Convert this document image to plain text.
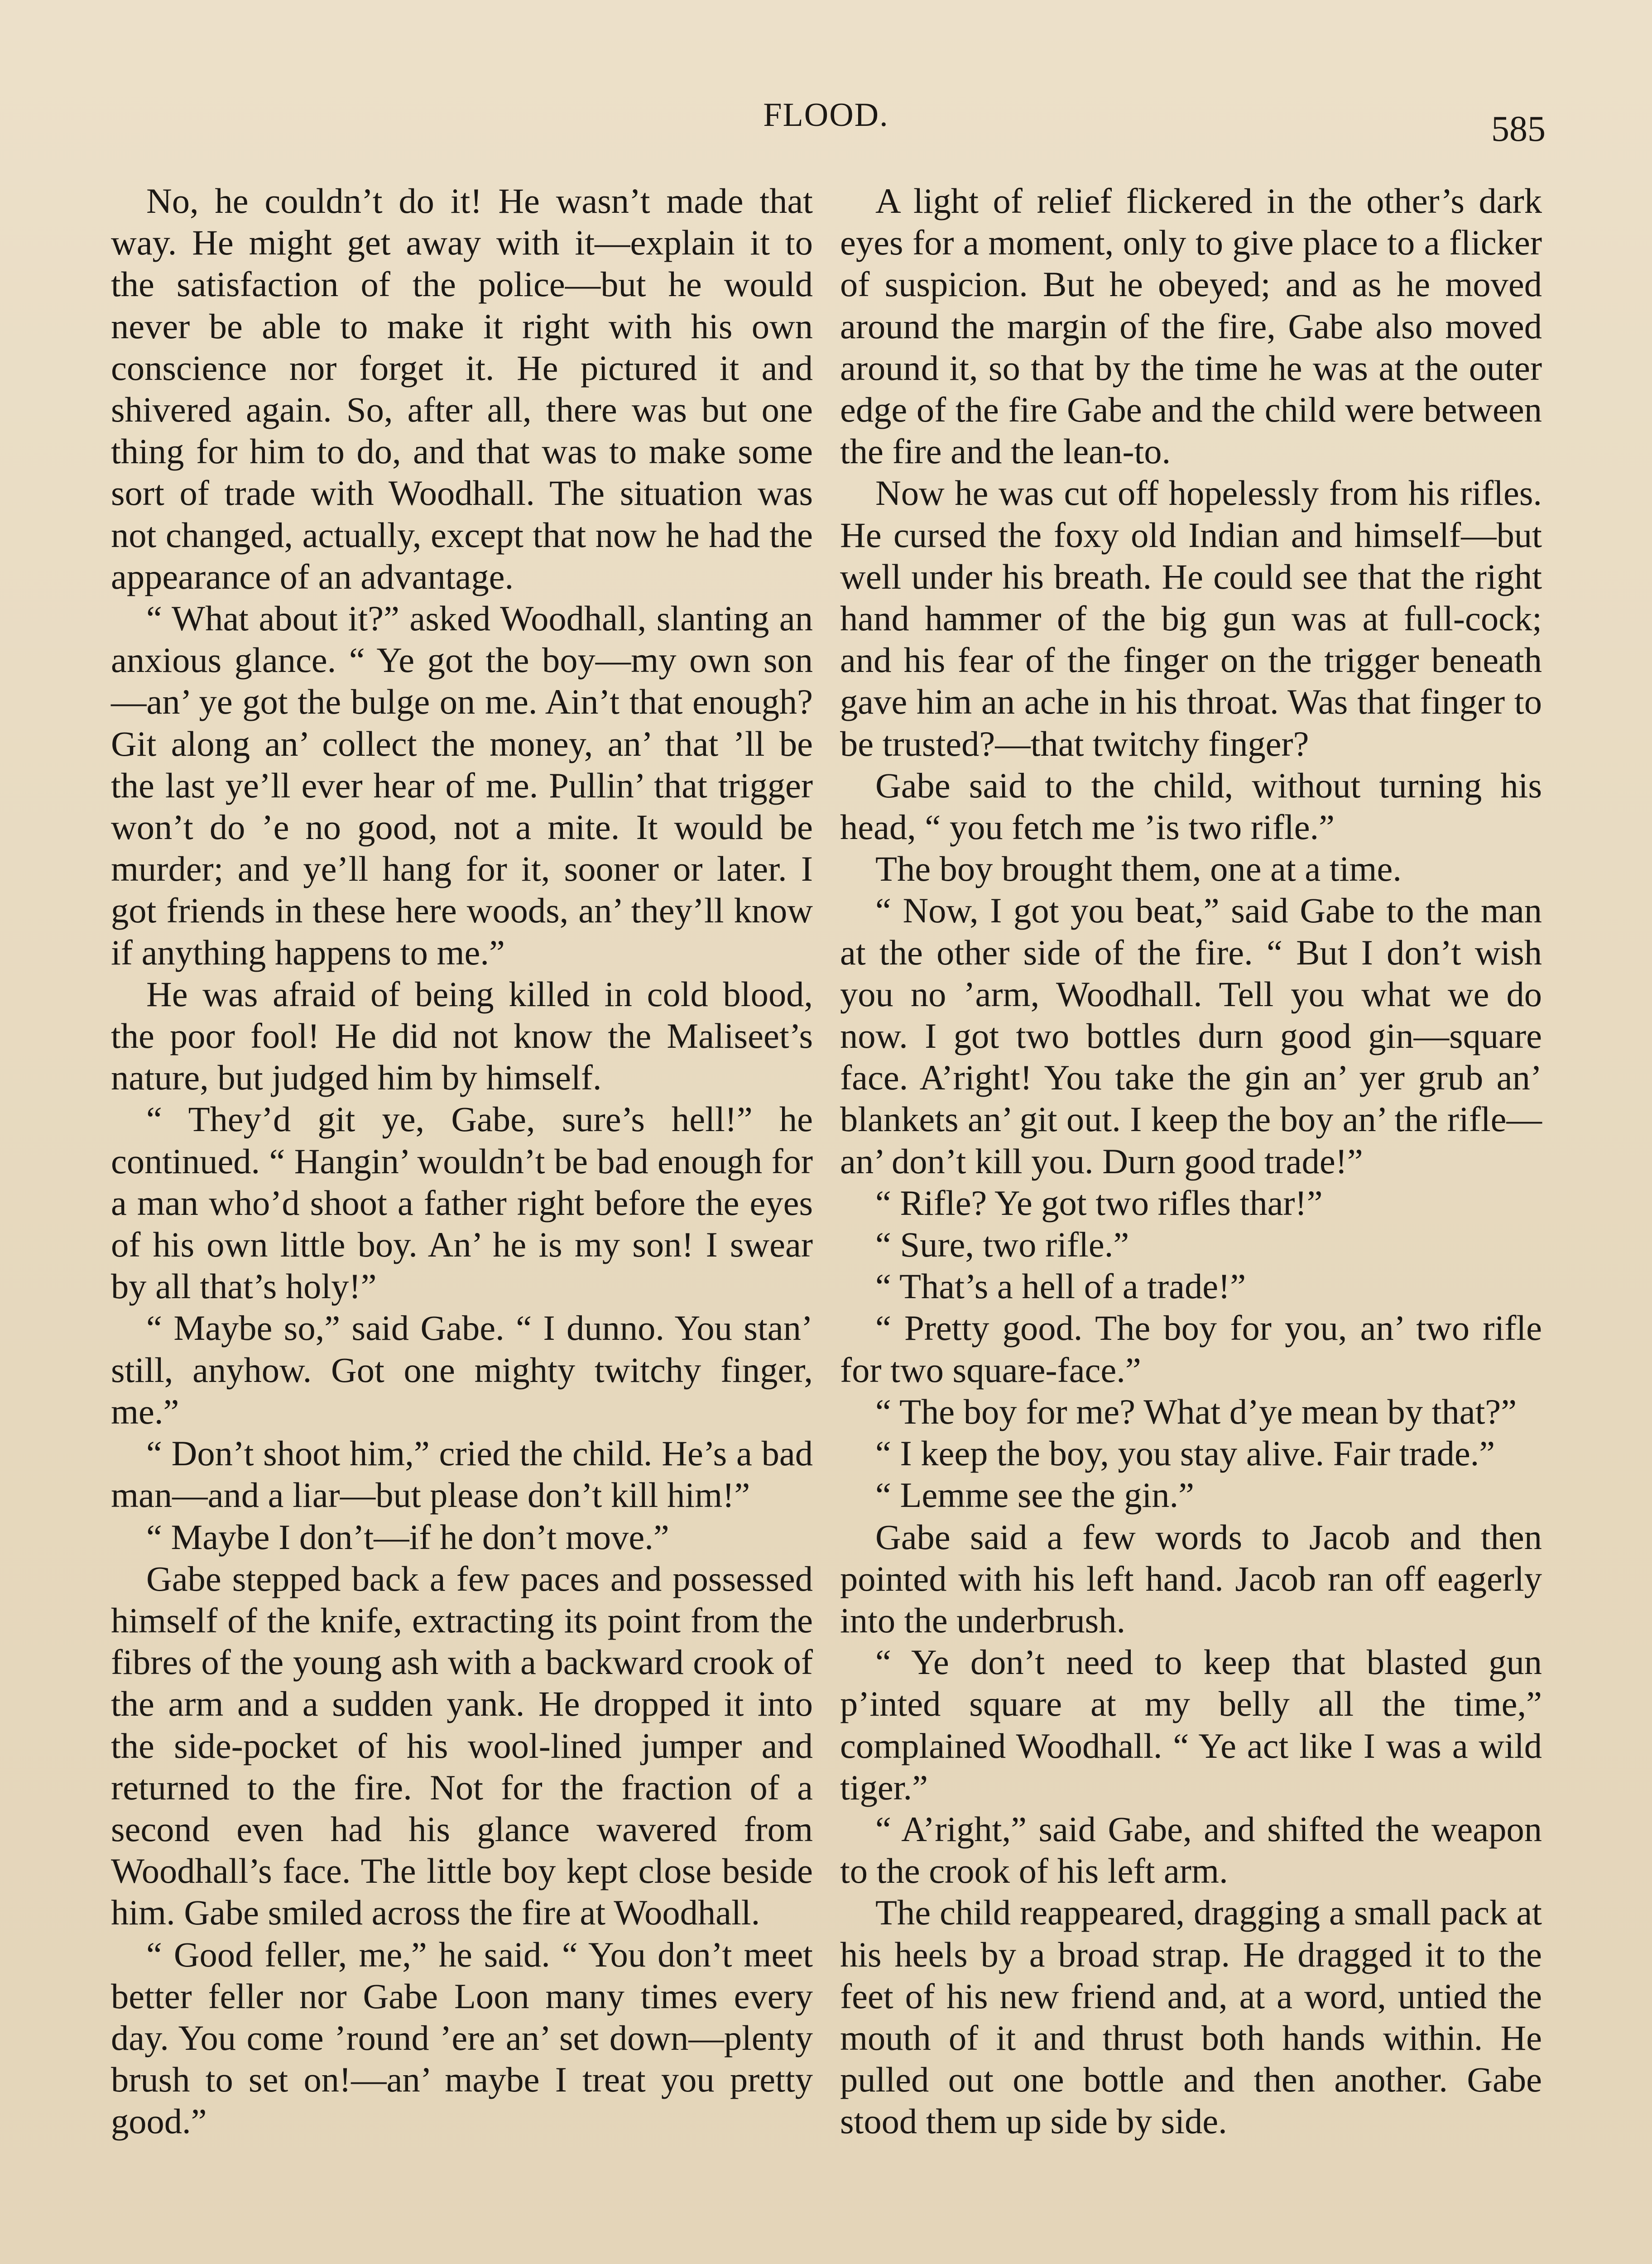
FLOOD.	585

No, he couldn’t do it! He wasn’t made that way. He might get away with it—explain it to the satisfaction of the police—but he would never be able to make it right with his own conscience nor forget it. He pictured it and shivered again. So, after all, there was but one thing for him to do, and that was to make some sort of trade with Woodhall. The situation was not changed, actually, except that now he had the appearance of an advantage.

“ What about it?” asked Woodhall, slanting an anxious glance. “ Ye got the boy—my own son—an’ ye got the bulge on me. Ain’t that enough? Git along an’ collect the money, an’ that ’ll be the last ye’ll ever hear of me. Pullin’ that trigger won’t do ’e no good, not a mite. It would be murder; and ye’ll hang for it, sooner or later. I got friends in these here woods, an’ they’ll know if anything happens to me.”

He was afraid of being killed in cold blood, the poor fool! He did not know the Maliseet’s nature, but judged him by himself.

“ They’d git ye, Gabe, sure’s hell!” he continued. “ Hangin’ wouldn’t be bad enough for a man who’d shoot a father right before the eyes of his own little boy. An’ he is my son! I swear by all that’s holy!”

“ Maybe so,” said Gabe. “ I dunno. You stan’ still, anyhow. Got one mighty twitchy finger, me.”

“ Don’t shoot him,” cried the child. He’s a bad man—and a liar—but please don’t kill him!”

“ Maybe I don’t—if he don’t move.”

Gabe stepped back a few paces and possessed himself of the knife, extracting its point from the fibres of the young ash with a backward crook of the arm and a sudden yank. He dropped it into the side-pocket of his wool-lined jumper and returned to the fire. Not for the fraction of a second even had his glance wavered from Woodhall’s face. The little boy kept close beside him. Gabe smiled across the fire at Woodhall.

“ Good feller, me,” he said. “ You don’t meet better feller nor Gabe Loon many times every day. You come ’round ’ere an’ set down—plenty brush to set on!—an’ maybe I treat you pretty good.”

A light of relief flickered in the other’s dark eyes for a moment, only to give place to a flicker of suspicion. But he obeyed; and as he moved around the margin of the fire, Gabe also moved around it, so that by the time he was at the outer edge of the fire Gabe and the child were between the fire and the lean-to.

Now he was cut off hopelessly from his rifles. He cursed the foxy old Indian and himself—but well under his breath. He could see that the right hand hammer of the big gun was at full-cock; and his fear of the finger on the trigger beneath gave him an ache in his throat. Was that finger to be trusted?—that twitchy finger?

Gabe said to the child, without turning his head, “ you fetch me ’is two rifle.”

The boy brought them, one at a time.

“ Now, I got you beat,” said Gabe to the man at the other side of the fire. “ But I don’t wish you no ’arm, Woodhall. Tell you what we do now. I got two bottles durn good gin—square face. A’right! You take the gin an’ yer grub an’ blankets an’ git out. I keep the boy an’ the rifle—an’ don’t kill you. Durn good trade!”

“ Rifle? Ye got two rifles thar!”

“ Sure, two rifle.”

“ That’s a hell of a trade!”

“ Pretty good. The boy for you, an’ two rifle for two square-face.”

“ The boy for me? What d’ye mean by that?”

“ I keep the boy, you stay alive. Fair trade.”

“ Lemme see the gin.”

Gabe said a few words to Jacob and then pointed with his left hand. Jacob ran off eagerly into the underbrush.

“ Ye don’t need to keep that blasted gun p’inted square at my belly all the time,” complained Woodhall. “ Ye act like I was a wild tiger.”

“ A’right,” said Gabe, and shifted the weapon to the crook of his left arm.

The child reappeared, dragging a small pack at his heels by a broad strap. He dragged it to the feet of his new friend and, at a word, untied the mouth of it and thrust both hands within. He pulled out one bottle and then another. Gabe stood them up side by side.
